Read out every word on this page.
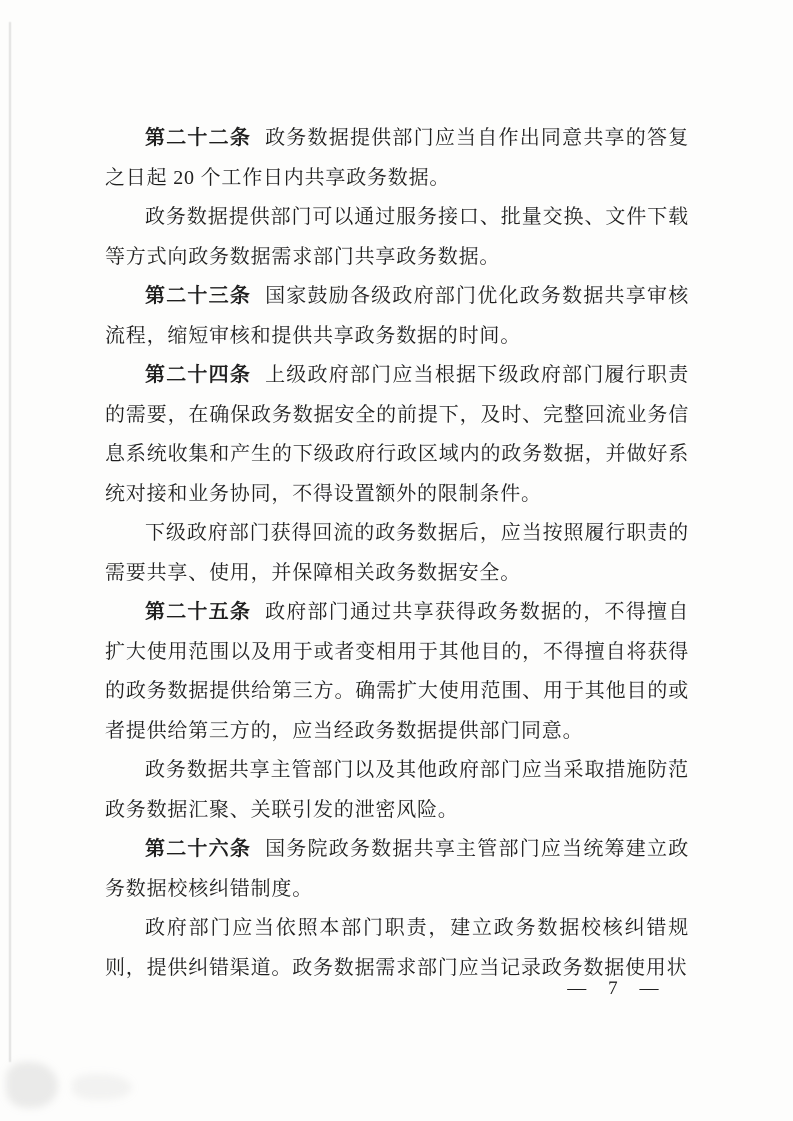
第二十二条 政务数据提供部门应当自作出同意共享的答复之日起 20 个工作日内共享政务数据。

政务数据提供部门可以通过服务接口、批量交换、文件下载等方式向政务数据需求部门共享政务数据。

第二十三条 国家鼓励各级政府部门优化政务数据共享审核流程，缩短审核和提供共享政务数据的时间。

第二十四条 上级政府部门应当根据下级政府部门履行职责的需要，在确保政务数据安全的前提下，及时、完整回流业务信息系统收集和产生的下级政府行政区域内的政务数据，并做好系统对接和业务协同，不得设置额外的限制条件。

下级政府部门获得回流的政务数据后，应当按照履行职责的需要共享、使用，并保障相关政务数据安全。

第二十五条 政府部门通过共享获得政务数据的，不得擅自扩大使用范围以及用于或者变相用于其他目的，不得擅自将获得的政务数据提供给第三方。确需扩大使用范围、用于其他目的或者提供给第三方的，应当经政务数据提供部门同意。

政务数据共享主管部门以及其他政府部门应当采取措施防范政务数据汇聚、关联引发的泄密风险。

第二十六条 国务院政务数据共享主管部门应当统筹建立政务数据校核纠错制度。

政府部门应当依照本部门职责，建立政务数据校核纠错规则，提供纠错渠道。政务数据需求部门应当记录政务数据使用状

— 7 —
